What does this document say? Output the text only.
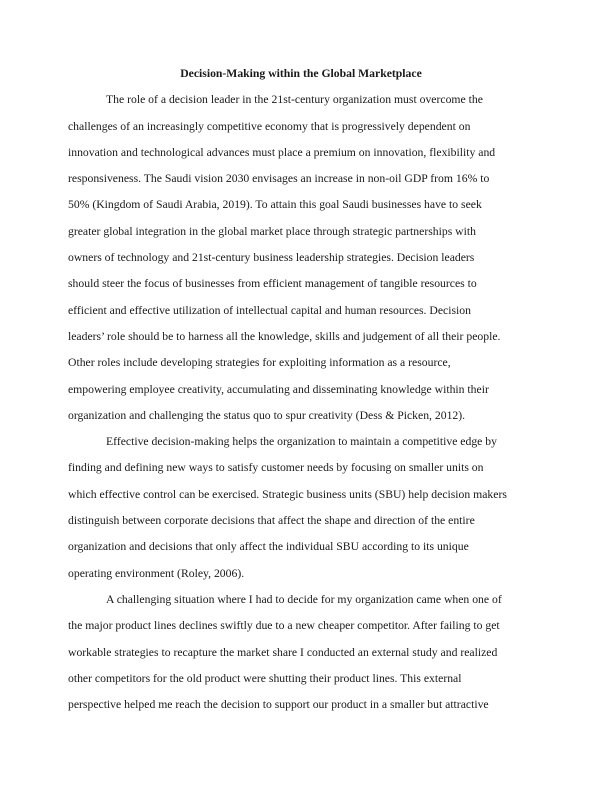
Decision-Making within the Global Marketplace
The role of a decision leader in the 21st-century organization must overcome the
challenges of an increasingly competitive economy that is progressively dependent on
innovation and technological advances must place a premium on innovation, flexibility and
responsiveness. The Saudi vision 2030 envisages an increase in non-oil GDP from 16% to
50% (Kingdom of Saudi Arabia, 2019). To attain this goal Saudi businesses have to seek
greater global integration in the global market place through strategic partnerships with
owners of technology and 21st-century business leadership strategies. Decision leaders
should steer the focus of businesses from efficient management of tangible resources to
efficient and effective utilization of intellectual capital and human resources. Decision
leaders’ role should be to harness all the knowledge, skills and judgement of all their people.
Other roles include developing strategies for exploiting information as a resource,
empowering employee creativity, accumulating and disseminating knowledge within their
organization and challenging the status quo to spur creativity (Dess & Picken, 2012).
Effective decision-making helps the organization to maintain a competitive edge by
finding and defining new ways to satisfy customer needs by focusing on smaller units on
which effective control can be exercised. Strategic business units (SBU) help decision makers
distinguish between corporate decisions that affect the shape and direction of the entire
organization and decisions that only affect the individual SBU according to its unique
operating environment (Roley, 2006).
A challenging situation where I had to decide for my organization came when one of
the major product lines declines swiftly due to a new cheaper competitor. After failing to get
workable strategies to recapture the market share I conducted an external study and realized
other competitors for the old product were shutting their product lines. This external
perspective helped me reach the decision to support our product in a smaller but attractive
